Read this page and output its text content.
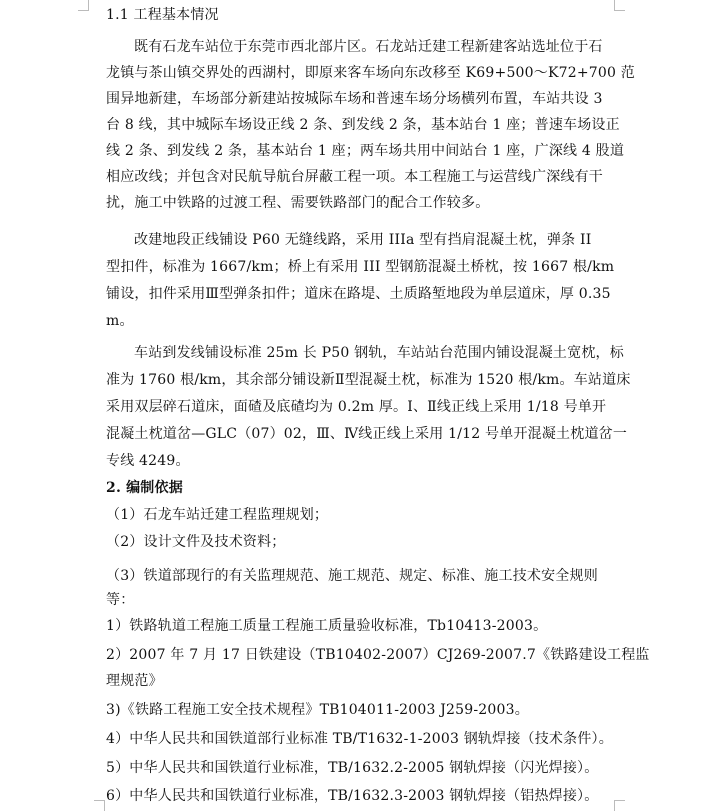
1.1 工程基本情况
既有石龙车站位于东莞市西北部片区。石龙站迁建工程新建客站选址位于石
龙镇与茶山镇交界处的西湖村，即原来客车场向东改移至 K69+500～K72+700 范
围异地新建，车场部分新建站按城际车场和普速车场分场横列布置，车站共设 3
台 8 线，其中城际车场设正线 2 条、到发线 2 条，基本站台 1 座；普速车场设正
线 2 条、到发线 2 条，基本站台 1 座；两车场共用中间站台 1 座，广深线 4 股道
相应改线；并包含对民航导航台屏蔽工程一项。本工程施工与运营线广深线有干
扰，施工中铁路的过渡工程、需要铁路部门的配合工作较多。
改建地段正线铺设 P60 无缝线路，采用 IIIa 型有挡肩混凝土枕，弹条 II
型扣件，标准为 1667/km；桥上有采用 III 型钢筋混凝土桥枕，按 1667 根/km
铺设，扣件采用Ⅲ型弹条扣件；道床在路堤、土质路堑地段为单层道床，厚 0.35
m。
车站到发线铺设标准 25m 长 P50 钢轨，车站站台范围内铺设混凝土宽枕，标
准为 1760 根/km，其余部分铺设新Ⅱ型混凝土枕，标准为 1520 根/km。车站道床
采用双层碎石道床，面碴及底碴均为 0.2m 厚。Ⅰ、Ⅱ线正线上采用 1/18 号单开
混凝土枕道岔—GLC（07）02，Ⅲ、Ⅳ线正线上采用 1/12 号单开混凝土枕道岔一
专线 4249。
2. 编制依据
（1）石龙车站迁建工程监理规划；
（2）设计文件及技术资料；
（3）铁道部现行的有关监理规范、施工规范、规定、标准、施工技术安全规则
等：
1）铁路轨道工程施工质量工程施工质量验收标准，Tb10413-2003。
2）2007 年 7 月 17 日铁建设（TB10402-2007）CJ269-2007.7《铁路建设工程监
理规范》
3)《铁路工程施工安全技术规程》TB104011-2003 J259-2003。
4）中华人民共和国铁道部行业标准 TB/T1632-1-2003 钢轨焊接（技术条件）。
5）中华人民共和国铁道行业标准，TB/1632.2-2005 钢轨焊接（闪光焊接）。
6）中华人民共和国铁道行业标准，TB/1632.3-2003 钢轨焊接（铝热焊接）。
